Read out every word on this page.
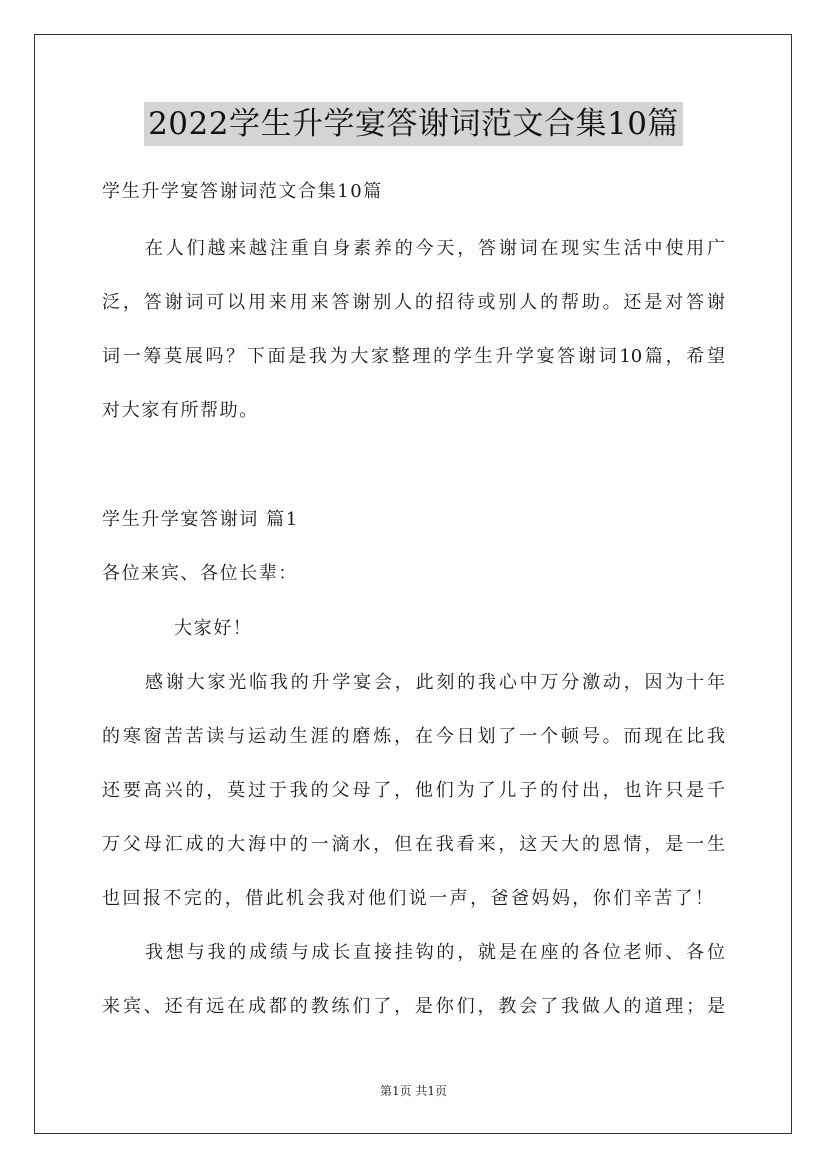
2022学生升学宴答谢词范文合集10篇
学生升学宴答谢词范文合集10篇
在人们越来越注重自身素养的今天，答谢词在现实生活中使用广
泛，答谢词可以用来用来答谢别人的招待或别人的帮助。还是对答谢
词一筹莫展吗？下面是我为大家整理的学生升学宴答谢词10篇，希望
对大家有所帮助。
学生升学宴答谢词 篇1
各位来宾、各位长辈：
大家好！
感谢大家光临我的升学宴会，此刻的我心中万分激动，因为十年
的寒窗苦苦读与运动生涯的磨炼，在今日划了一个顿号。而现在比我
还要高兴的，莫过于我的父母了，他们为了儿子的付出，也许只是千
万父母汇成的大海中的一滴水，但在我看来，这天大的恩情，是一生
也回报不完的，借此机会我对他们说一声，爸爸妈妈，你们辛苦了！
我想与我的成绩与成长直接挂钩的，就是在座的各位老师、各位
来宾、还有远在成都的教练们了，是你们，教会了我做人的道理；是
第1页 共1页
